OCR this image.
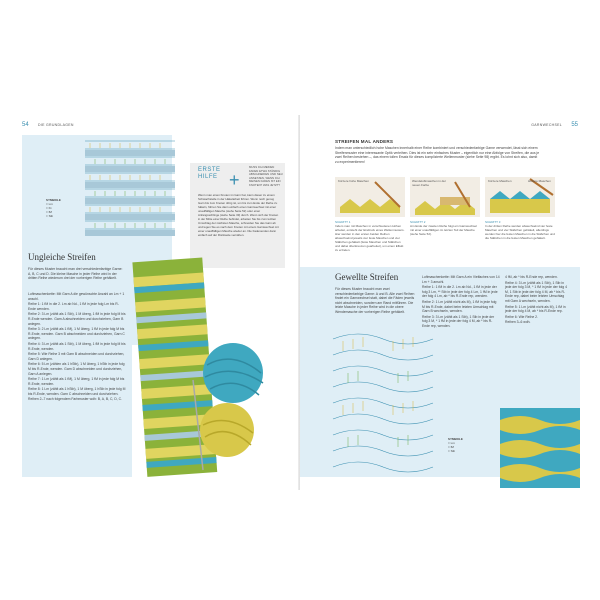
54	DIE GRUNDLAGEN
SYMBOLE
= Lm
= Kt
= fM
= Stb
ERSTE
HILFE +
MUSS ICH MEINEN FADEN ETWA STÄNDIG ABSCHNEIDEN UND NEU ANSETZEN, WENN ICH MEINEN FADEN IST EIN KNOTEN? WAS JETZT?
Wenn man einen Knoten im Garn hat, kann dieser zu einem Schwachstelle in der Häkelarbeit führen. Wenn noch genug Garn bis zum Knoten übrig ist, um bis zum Ende der Reihe zu häkeln, führen Sie dann einfach einen Garnwechsel mit einer unauffälligen Masche (siehe Seite 52) oder einer Anfangsschlinge (siehe Seite 33) durch. Wenn sich der Knoten in der Mitte einer Reihe befindet, arbeiten Sie bis zum letzten Umschlag der nächsten Masche, schneiden Sie das Garn ab und legen Sie es nach dem Knoten mit einem Garnwechsel mit einer unauffälligen Masche wieder an. Die Fadenenden dann einfach auf der Rückseite vernähen.
Ungleiche Streifen
Für dieses Muster braucht man drei verschiedenfarbige Garne: A, B, C und D. Die kleine Masche in jeder Reihe wird in der dritten Reihe wiederum drei der vorherigen Reihe gehäkelt.
Luftmaschenkette: Mit Garn A die gewünschte Anzahl an Lm + 1 anschl.
Reihe 1: 1 fM in die 2. Lm ab Nd., 1 fM in jede folg Lm bis R-Ende wenden.
Reihe 2: 3 Lm (zählt als 1 Stb), 1 M überg, 1 fM in jede folg M bis R-Ende wenden. Garn A abschneiden und durchziehen, Garn B anlegen.
Reihe 3: 2 Lm (zählt als 1 fM), 1 M überg, 1 fM in jede folg M bis R-Ende, wenden. Garn B abschneiden und durchziehen, Garn C anlegen.
Reihe 4: 3 Lm (zählt als 1 Stb), 1 M überg, 1 fM in jede folg M bis R-Ende, wenden.
Reihe 5: Wie Reihe 3 mit Garn B abschneiden und durchziehen, Garn D anlegen.
Reihe 6: 5 Lm (zählen als 1 hStb), 1 M überg, 1 hStb in jede folg M bis R-Ende, wenden. Garn D abschneiden und durchziehen, Garn A anlegen.
Reihe 7: 1 Lm (zählt als 1 fM), 1 M überg, 1 fM in jede folg M bis R-Ende, wenden.
Reihe 8: 1 Lm (zählt als 1 hStb), 1 M überg, 1 hStb in jede folg M bis R-Ende, wenden. Garn C abschneiden und durchziehen.
Reihen 2–7 nach folgendem Farbmuster wdh: B, A, B, C, D, C.
GARNWECHSEL 55
STREIFEN MAL ANDERS
Indem man unterschiedlich hohe Maschen innerhalb einer Reihe kombiniert und verschiedenfarbige Garne verwendet, lässt sich einem Streifenmuster eine interessante Optik verleihen. Dies ist ein sehr einfaches Muster – eigentlich nur eine Abfolge von Streifen, die aus je zwei Reihen bestehen –, das einem tollen Ersatz für dieses komplizierte Wellenmuster (siehe Seite 98) ergibt. Es lohnt sich also, damit zu experimentieren!
Kürzere hohe Maschen	Wendeluftmaschen in der neuen Farbe
Kürzere Maschen	Höhere Maschen
SCHRITT 1
Indem man mit Maschen in verschiedenen Höhen arbeitet, entsteht der Eindruck eines Wellenmusters. Hier werden in den ersten beiden Reihen abwechselnd jeweils vier feste Maschen und vier Stäbchen gehäkelt (feste Maschen und Stäbchen und dabei überkreuzen gearbeitet), um einen Effekt zu erzielen.
SCHRITT 2
Am Ende der zweiten Reihe folgt ein Garnwechsel mit einer unauffälligen im letzten Teil der Masche (siehe Seite 52).
SCHRITT 3
In der dritten Reihe werden abwechselnd vier feste Maschen und vier Stäbchen gehäkelt, allerdings werden hier die festen Maschen in die Stäbchen und die Stäbchen in die festen Maschen gehäkelt.
Gewellte Streifen
Für dieses Muster braucht man zwei verschiedenfarbige Garne: A und B. Alle zwei Reihen findet ein Garnwechsel statt, dabei die Fäden jeweils nicht abschneiden, sondern am Rand mitführen. Die letzte Masche in jeder Reihe wird in die obere Wendemasche der vorherigen Reihe gehäkelt.
Luftmaschenkette: Mit Garn A ein Vielfaches von 14 Lm + 3 anschl.
Reihe 1: 1 fM in die 2. Lm ab Nd., 1 fM in jede der folg 3 Lm, ** Stb in jede der folg 4 Lm, 1 fM in jede der folg 4 Lm, ab * bis R-Ende rep, wenden.
Reihe 2: 1 Lm (zählt nicht als M), 1 fM in jede folg M bis R-Ende, dabei beim letzten Umschlag mit Garn B wechseln, wenden.
Reihe 3: 3 Lm (zählt als 1 Stb), 1 Stb in jede der folg 3 M, * 1 fM in jede der folg 4 M, ab * bis R-Ende rep, wenden.
4 fM, ab * bis R-Ende rep, wenden.
Reihe 4: 3 Lm (zählt als 1 Stb), 1 Stb in jede der folg 3 M, * 1 fM in jede der folg 4 M, 1 Stb in jede der folg 4 M, ab * bis R-Ende rep, dabei beim letzten Umschlag mit Garn A wechseln, wenden.
Reihe 5: 1 Lm (zählt nicht als M), 1 fM in jede der folg 4 M, ab * bis R-Ende rep.
Reihe 6: Wie Reihe 2.
Reihen 3–6 wdh.
SYMBOLE
= Lm
= fM
= Stb
